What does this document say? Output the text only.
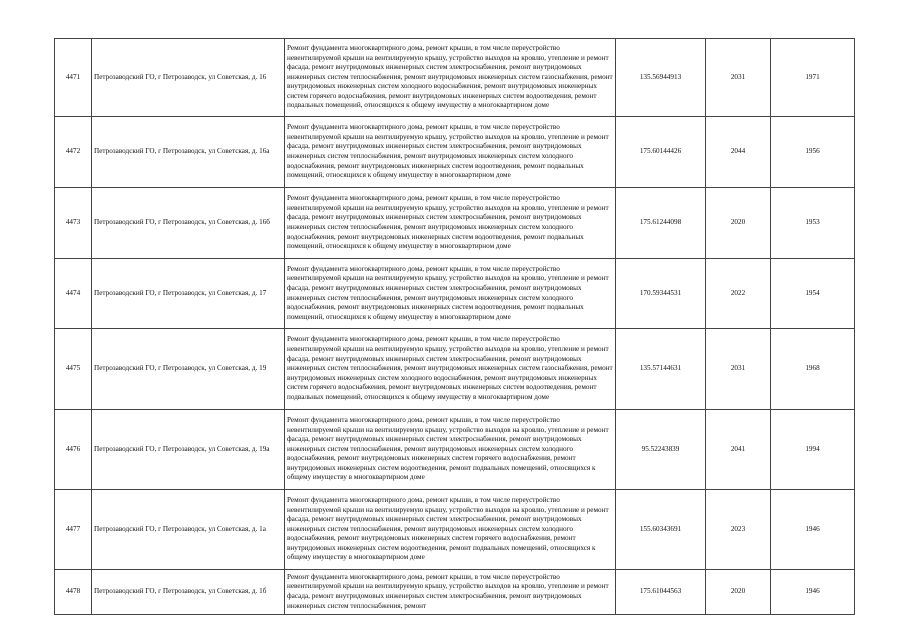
4471	Петрозаводский ГО, г Петрозаводск, ул Советская, д. 16	Ремонт фундамента многоквартирного дома, ремонт крыши, в том числе переустройство невентилируемой крыши на вентилируемую крышу, устройство выходов на кровлю, утепление и ремонт фасада, ремонт внутридомовых инженерных систем электроснабжения, ремонт внутридомовых инженерных систем теплоснабжения, ремонт внутридомовых инженерных систем газоснабжения, ремонт внутридомовых инженерных систем холодного водоснабжения, ремонт внутридомовых инженерных систем горячего водоснабжения, ремонт внутридомовых инженерных систем водоотведения, ремонт подвальных помещений, относящихся к общему имуществу в многоквартирном доме	135.56944913	2031	1971
4472	Петрозаводский ГО, г Петрозаводск, ул Советская, д. 16а	Ремонт фундамента многоквартирного дома, ремонт крыши, в том числе переустройство невентилируемой крыши на вентилируемую крышу, устройство выходов на кровлю, утепление и ремонт фасада, ремонт внутридомовых инженерных систем электроснабжения, ремонт внутридомовых инженерных систем теплоснабжения, ремонт внутридомовых инженерных систем холодного водоснабжения, ремонт внутридомовых инженерных систем водоотведения, ремонт подвальных помещений, относящихся к общему имуществу в многоквартирном доме	175.60144426	2044	1956
4473	Петрозаводский ГО, г Петрозаводск, ул Советская, д. 16б	Ремонт фундамента многоквартирного дома, ремонт крыши, в том числе переустройство невентилируемой крыши на вентилируемую крышу, устройство выходов на кровлю, утепление и ремонт фасада, ремонт внутридомовых инженерных систем электроснабжения, ремонт внутридомовых инженерных систем теплоснабжения, ремонт внутридомовых инженерных систем холодного водоснабжения, ремонт внутридомовых инженерных систем водоотведения, ремонт подвальных помещений, относящихся к общему имуществу в многоквартирном доме	175.61244098	2020	1953
4474	Петрозаводский ГО, г Петрозаводск, ул Советская, д. 17	Ремонт фундамента многоквартирного дома, ремонт крыши, в том числе переустройство невентилируемой крыши на вентилируемую крышу, устройство выходов на кровлю, утепление и ремонт фасада, ремонт внутридомовых инженерных систем электроснабжения, ремонт внутридомовых инженерных систем теплоснабжения, ремонт внутридомовых инженерных систем холодного водоснабжения, ремонт внутридомовых инженерных систем водоотведения, ремонт подвальных помещений, относящихся к общему имуществу в многоквартирном доме	170.59344531	2022	1954
4475	Петрозаводский ГО, г Петрозаводск, ул Советская, д. 19	Ремонт фундамента многоквартирного дома, ремонт крыши, в том числе переустройство невентилируемой крыши на вентилируемую крышу, устройство выходов на кровлю, утепление и ремонт фасада, ремонт внутридомовых инженерных систем электроснабжения, ремонт внутридомовых инженерных систем теплоснабжения, ремонт внутридомовых инженерных систем газоснабжения, ремонт внутридомовых инженерных систем холодного водоснабжения, ремонт внутридомовых инженерных систем горячего водоснабжения, ремонт внутридомовых инженерных систем водоотведения, ремонт подвальных помещений, относящихся к общему имуществу в многоквартирном доме	135.57144631	2031	1968
4476	Петрозаводский ГО, г Петрозаводск, ул Советская, д. 19а	Ремонт фундамента многоквартирного дома, ремонт крыши, в том числе переустройство невентилируемой крыши на вентилируемую крышу, устройство выходов на кровлю, утепление и ремонт фасада, ремонт внутридомовых инженерных систем электроснабжения, ремонт внутридомовых инженерных систем теплоснабжения, ремонт внутридомовых инженерных систем холодного водоснабжения, ремонт внутридомовых инженерных систем горячего водоснабжения, ремонт внутридомовых инженерных систем водоотведения, ремонт подвальных помещений, относящихся к общему имуществу в многоквартирном доме	95.52243839	2041	1994
4477	Петрозаводский ГО, г Петрозаводск, ул Советская, д. 1а	Ремонт фундамента многоквартирного дома, ремонт крыши, в том числе переустройство невентилируемой крыши на вентилируемую крышу, устройство выходов на кровлю, утепление и ремонт фасада, ремонт внутридомовых инженерных систем электроснабжения, ремонт внутридомовых инженерных систем теплоснабжения, ремонт внутридомовых инженерных систем холодного водоснабжения, ремонт внутридомовых инженерных систем горячего водоснабжения, ремонт внутридомовых инженерных систем водоотведения, ремонт подвальных помещений, относящихся к общему имуществу в многоквартирном доме	155.60343691	2023	1946
4478	Петрозаводский ГО, г Петрозаводск, ул Советская, д. 1б	Ремонт фундамента многоквартирного дома, ремонт крыши, в том числе переустройство невентилируемой крыши на вентилируемую крышу, устройство выходов на кровлю, утепление и ремонт фасада, ремонт внутридомовых инженерных систем электроснабжения, ремонт внутридомовых инженерных систем теплоснабжения, ремонт	175.61044563	2020	1946
